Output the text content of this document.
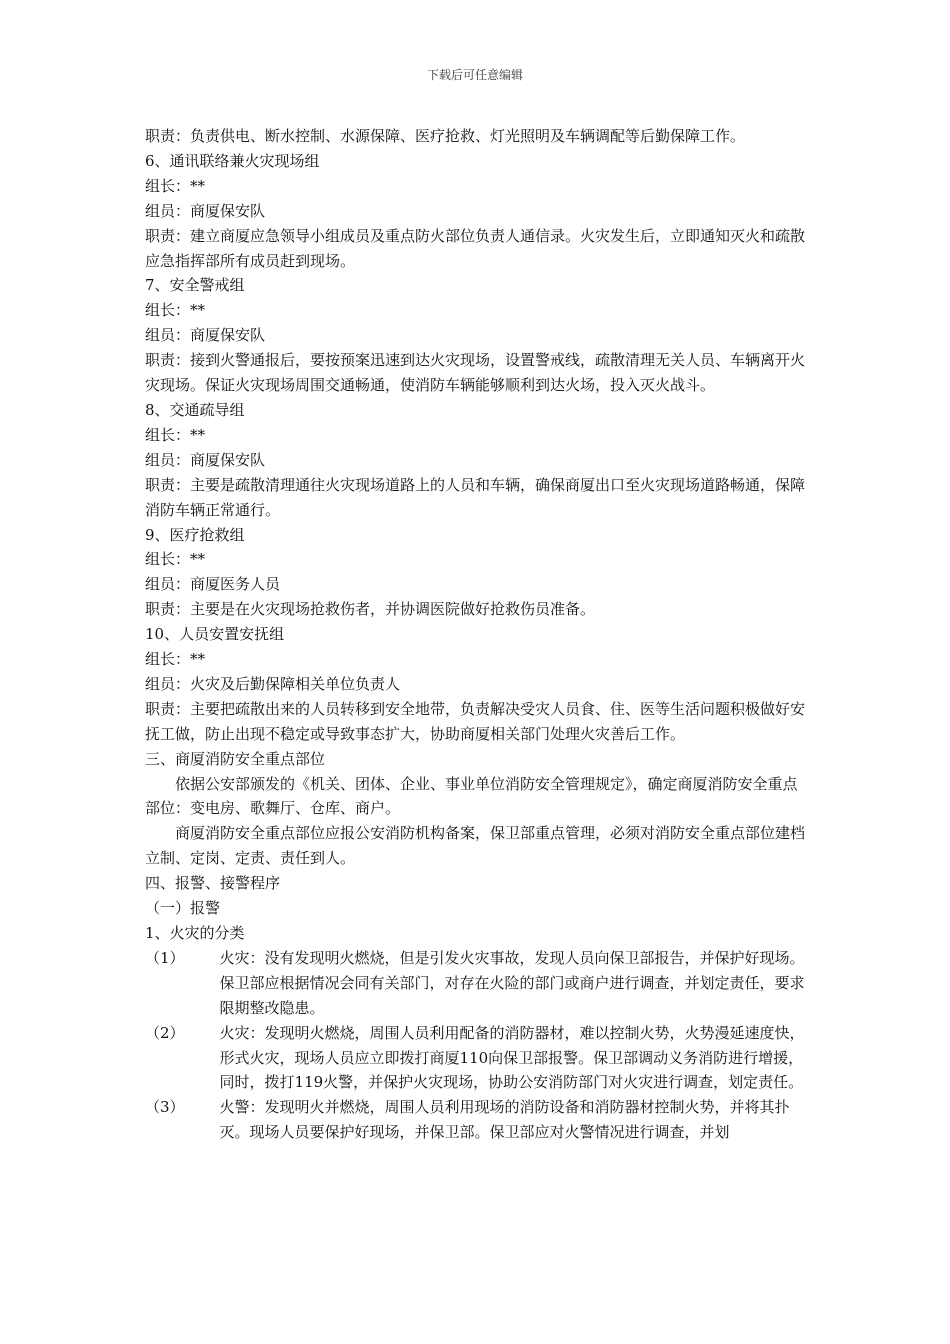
下载后可任意编辑

职责：负责供电、断水控制、水源保障、医疗抢救、灯光照明及车辆调配等后勤保障工作。

6、通讯联络兼火灾现场组

组长：**

组员：商厦保安队

职责：建立商厦应急领导小组成员及重点防火部位负责人通信录。火灾发生后，立即通知灭火和疏散应急指挥部所有成员赶到现场。

7、安全警戒组

组长：**

组员：商厦保安队

职责：接到火警通报后，要按预案迅速到达火灾现场，设置警戒线，疏散清理无关人员、车辆离开火灾现场。保证火灾现场周围交通畅通，使消防车辆能够顺利到达火场，投入灭火战斗。

8、交通疏导组

组长：**

组员：商厦保安队

职责：主要是疏散清理通往火灾现场道路上的人员和车辆，确保商厦出口至火灾现场道路畅通，保障消防车辆正常通行。

9、医疗抢救组

组长：**

组员：商厦医务人员

职责：主要是在火灾现场抢救伤者，并协调医院做好抢救伤员准备。

10、人员安置安抚组

组长：**

组员：火灾及后勤保障相关单位负责人

职责：主要把疏散出来的人员转移到安全地带，负责解决受灾人员食、住、医等生活问题积极做好安抚工做，防止出现不稳定或导致事态扩大，协助商厦相关部门处理火灾善后工作。

三、商厦消防安全重点部位

依据公安部颁发的《机关、团体、企业、事业单位消防安全管理规定》，确定商厦消防安全重点部位：变电房、歌舞厅、仓库、商户。

商厦消防安全重点部位应报公安消防机构备案，保卫部重点管理，必须对消防安全重点部位建档立制、定岗、定责、责任到人。

四、报警、接警程序

（一）报警

1、火灾的分类

（1） 火灾：没有发现明火燃烧，但是引发火灾事故，发现人员向保卫部报告，并保护好现场。保卫部应根据情况会同有关部门，对存在火险的部门或商户进行调查，并划定责任，要求限期整改隐患。
（2） 火灾：发现明火燃烧，周围人员利用配备的消防器材，难以控制火势，火势漫延速度快，形式火灾，现场人员应立即拨打商厦110向保卫部报警。保卫部调动义务消防进行增援，同时，拨打119火警，并保护火灾现场，协助公安消防部门对火灾进行调查，划定责任。
（3） 火警：发现明火并燃烧，周围人员利用现场的消防设备和消防器材控制火势，并将其扑灭。现场人员要保护好现场，并保卫部。保卫部应对火警情况进行调查，并划
